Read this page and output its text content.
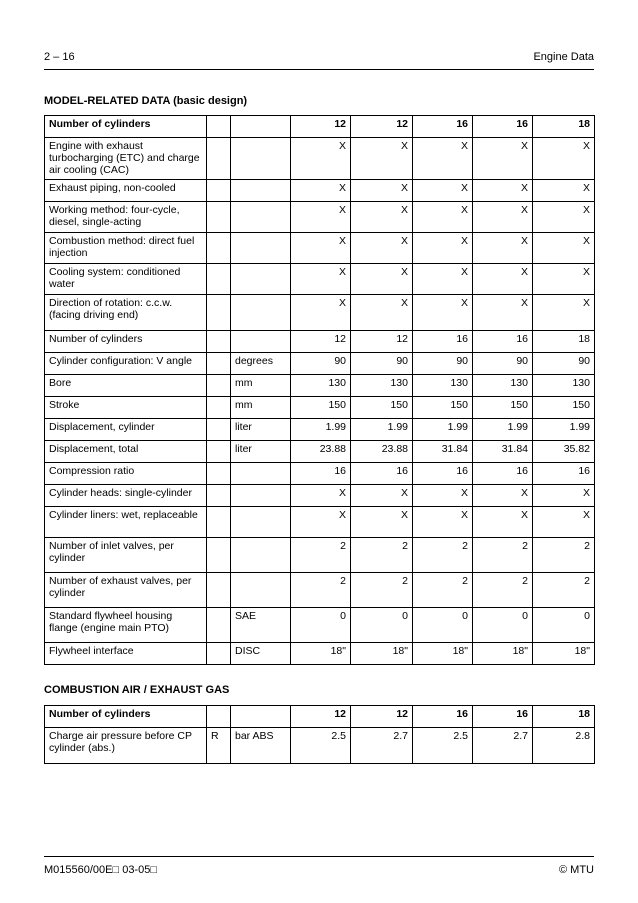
2 – 16	Engine Data
MODEL-RELATED DATA (basic design)
Number of cylinders			12	12	16	16	18
Engine with exhaust turbocharging (ETC) and charge air cooling (CAC)			X	X	X	X	X
Exhaust piping, non-cooled			X	X	X	X	X
Working method: four-cycle, diesel, single-acting			X	X	X	X	X
Combustion method: direct fuel injection			X	X	X	X	X
Cooling system: conditioned water			X	X	X	X	X
Direction of rotation: c.c.w. (facing driving end)			X	X	X	X	X
Number of cylinders			12	12	16	16	18
Cylinder configuration: V angle		degrees	90	90	90	90	90
Bore		mm	130	130	130	130	130
Stroke		mm	150	150	150	150	150
Displacement, cylinder		liter	1.99	1.99	1.99	1.99	1.99
Displacement, total		liter	23.88	23.88	31.84	31.84	35.82
Compression ratio			16	16	16	16	16
Cylinder heads: single-cylinder			X	X	X	X	X
Cylinder liners: wet, replaceable			X	X	X	X	X
Number of inlet valves, per cylinder			2	2	2	2	2
Number of exhaust valves, per cylinder			2	2	2	2	2
Standard flywheel housing flange (engine main PTO)		SAE	0	0	0	0	0
Flywheel interface		DISC	18"	18"	18"	18"	18"
COMBUSTION AIR / EXHAUST GAS
Number of cylinders			12	12	16	16	18
Charge air pressure before CP cylinder (abs.)	R	bar ABS	2.5	2.7	2.5	2.7	2.8
M015560/00E□ 03-05□	© MTU
